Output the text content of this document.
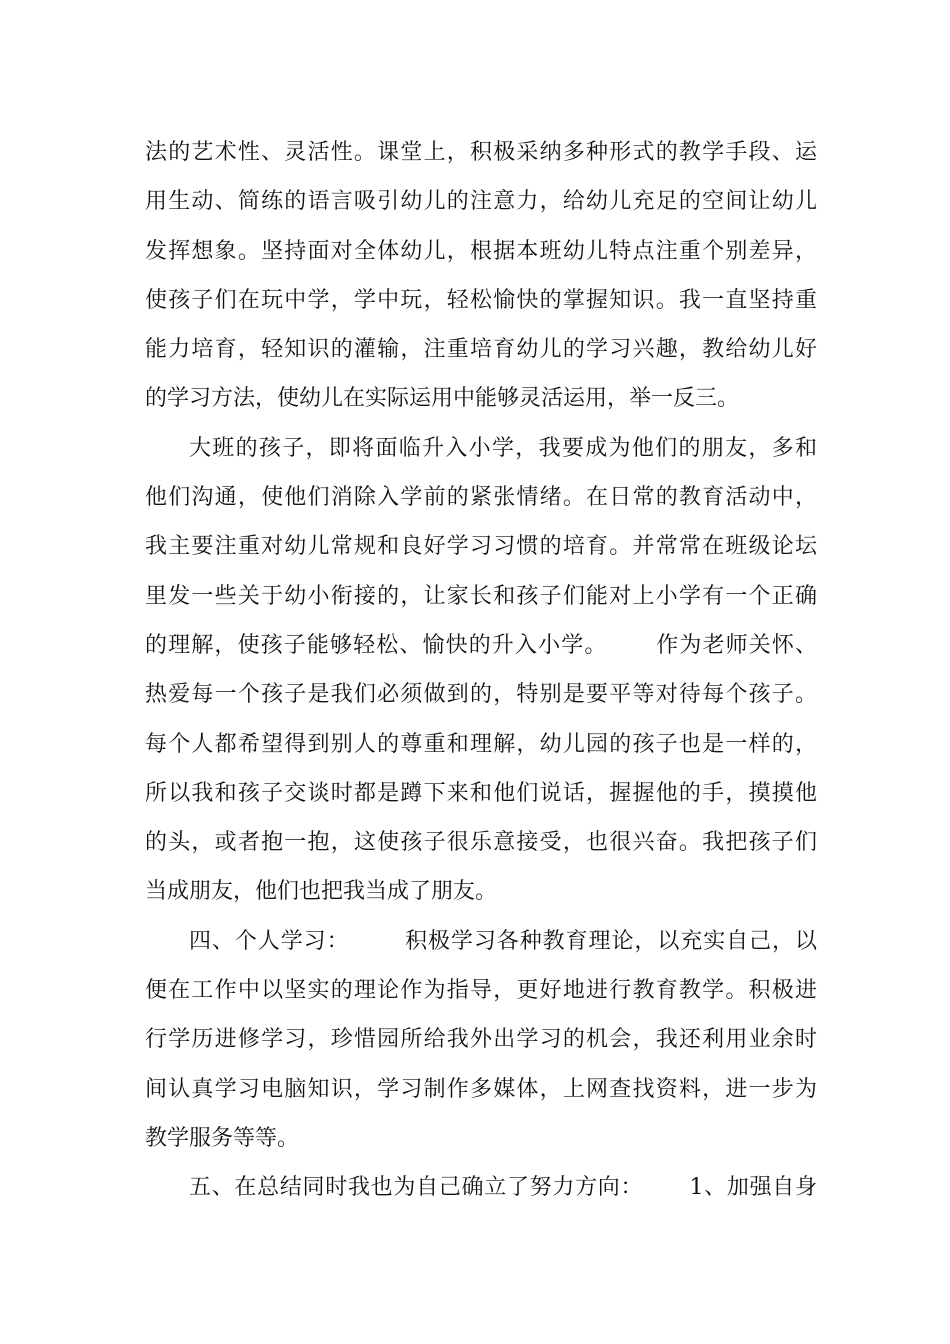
法的艺术性、灵活性。课堂上，积极采纳多种形式的教学手段、运
用生动、简练的语言吸引幼儿的注意力，给幼儿充足的空间让幼儿
发挥想象。坚持面对全体幼儿，根据本班幼儿特点注重个别差异，
使孩子们在玩中学，学中玩，轻松愉快的掌握知识。我一直坚持重
能力培育，轻知识的灌输，注重培育幼儿的学习兴趣，教给幼儿好
的学习方法，使幼儿在实际运用中能够灵活运用，举一反三。
大班的孩子，即将面临升入小学，我要成为他们的朋友，多和
他们沟通，使他们消除入学前的紧张情绪。在日常的教育活动中，
我主要注重对幼儿常规和良好学习习惯的培育。并常常在班级论坛
里发一些关于幼小衔接的，让家长和孩子们能对上小学有一个正确
的理解，使孩子能够轻松、愉快的升入小学。      作为老师关怀、
热爱每一个孩子是我们必须做到的，特别是要平等对待每个孩子。
每个人都希望得到别人的尊重和理解，幼儿园的孩子也是一样的，
所以我和孩子交谈时都是蹲下来和他们说话，握握他的手，摸摸他
的头，或者抱一抱，这使孩子很乐意接受，也很兴奋。我把孩子们
当成朋友，他们也把我当成了朋友。
四、个人学习：       积极学习各种教育理论，以充实自己，以
便在工作中以坚实的理论作为指导，更好地进行教育教学。积极进
行学历进修学习，珍惜园所给我外出学习的机会，我还利用业余时
间认真学习电脑知识，学习制作多媒体，上网查找资料，进一步为
教学服务等等。
五、在总结同时我也为自己确立了努力方向：      1、加强自身
